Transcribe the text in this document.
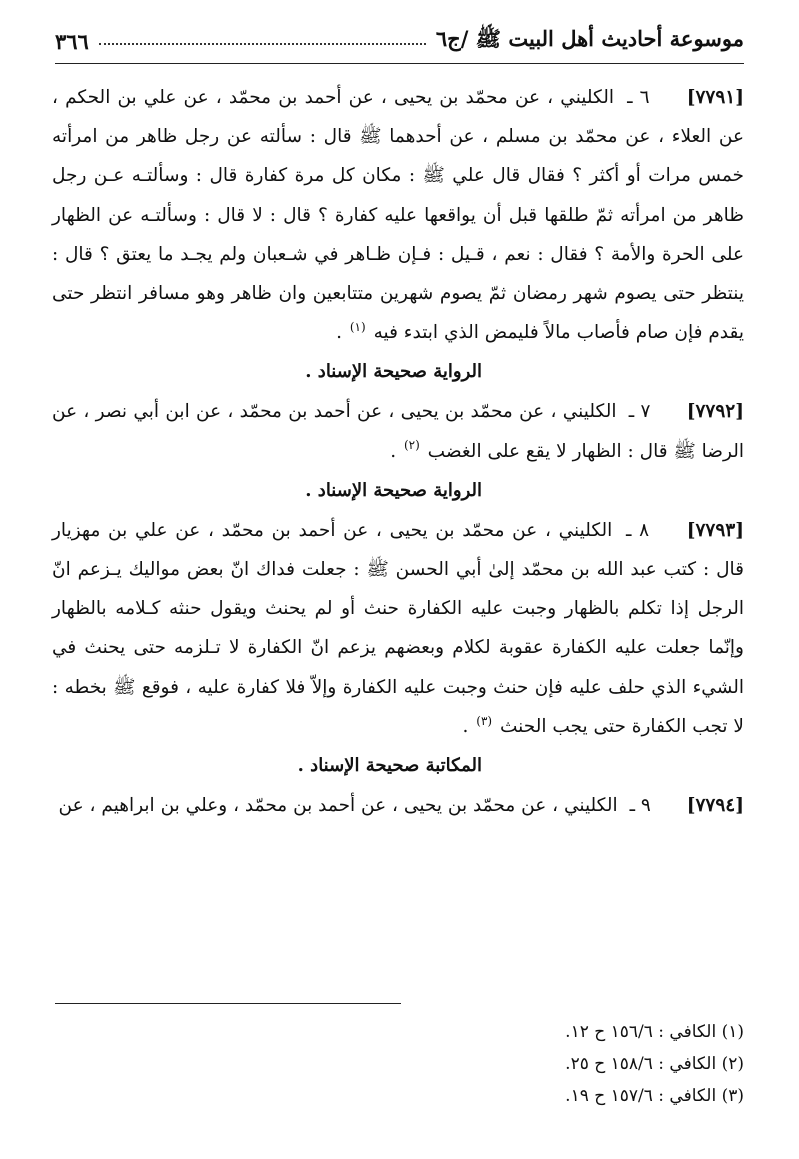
موسوعة أحاديث أهل البيت ﷺ /ج٦
٣٦٦
[٧٧٩١] ٦ ـ الكليني ، عن محمّد بن يحيى ، عن أحمد بن محمّد ، عن علي بن الحكم ، عن العلاء ، عن محمّد بن مسلم ، عن أحدهما ﷺ قال : سألته عن رجل ظاهر من امرأته خمس مرات أو أكثر ؟ فقال قال علي ﷺ : مكان كل مرة كفارة قال : وسألتـه عـن رجل ظاهر من امرأته ثمّ طلقها قبل أن يواقعها عليه كفارة ؟ قال : لا قال : وسألتـه عن الظهار على الحرة والأمة ؟ فقال : نعم ، قـيل : فـإن ظـاهر في شـعبان ولم يجـد ما يعتق ؟ قال : ينتظر حتى يصوم شهر رمضان ثمّ يصوم شهرين متتابعين وان ظاهر وهو مسافر انتظر حتى يقدم فإن صام فأصاب مالاً فليمض الذي ابتدء فيه $^{(١)}$ .
الرواية صحيحة الإسناد .
[٧٧٩٢] ٧ ـ الكليني ، عن محمّد بن يحيى ، عن أحمد بن محمّد ، عن ابن أبي نصر ، عن الرضا ﷺ قال : الظهار لا يقع على الغضب $^{(٢)}$ .
الرواية صحيحة الإسناد .
[٧٧٩٣] ٨ ـ الكليني ، عن محمّد بن يحيى ، عن أحمد بن محمّد ، عن علي بن مهزيار قال : كتب عبد الله بن محمّد إلىٰ أبي الحسن ﷺ : جعلت فداك انّ بعض مواليك يـزعم انّ الرجل إذا تكلم بالظهار وجبت عليه الكفارة حنث أو لم يحنث ويقول حنثه كـلامه بالظهار وإنّما جعلت عليه الكفارة عقوبة لكلام وبعضهم يزعم انّ الكفارة لا تـلزمه حتى يحنث في الشيء الذي حلف عليه فإن حنث وجبت عليه الكفارة وإلاّ فلا كفارة عليه ، فوقع ﷺ بخطه : لا تجب الكفارة حتى يجب الحنث $^{(٣)}$ .
المكاتبة صحيحة الإسناد .
[٧٧٩٤] ٩ ـ الكليني ، عن محمّد بن يحيى ، عن أحمد بن محمّد ، وعلي بن ابراهيم ، عن
(١) الكافي : ١٥٦/٦ ح ١٢.
(٢) الكافي : ١٥٨/٦ ح ٢٥.
(٣) الكافي : ١٥٧/٦ ح ١٩.
